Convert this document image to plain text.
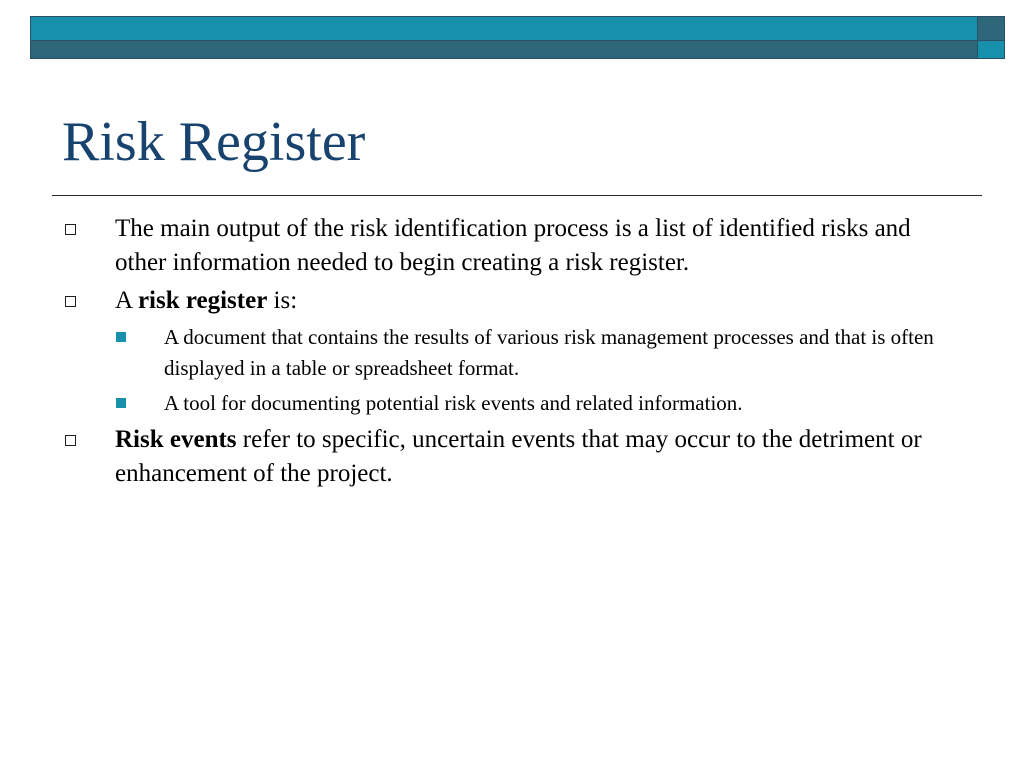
Risk Register
The main output of the risk identification process is a list of identified risks and other information needed to begin creating a risk register.
A risk register is:
A document that contains the results of various risk management processes and that is often displayed in a table or spreadsheet format.
A tool for documenting potential risk events and related information.
Risk events refer to specific, uncertain events that may occur to the detriment or enhancement of the project.
